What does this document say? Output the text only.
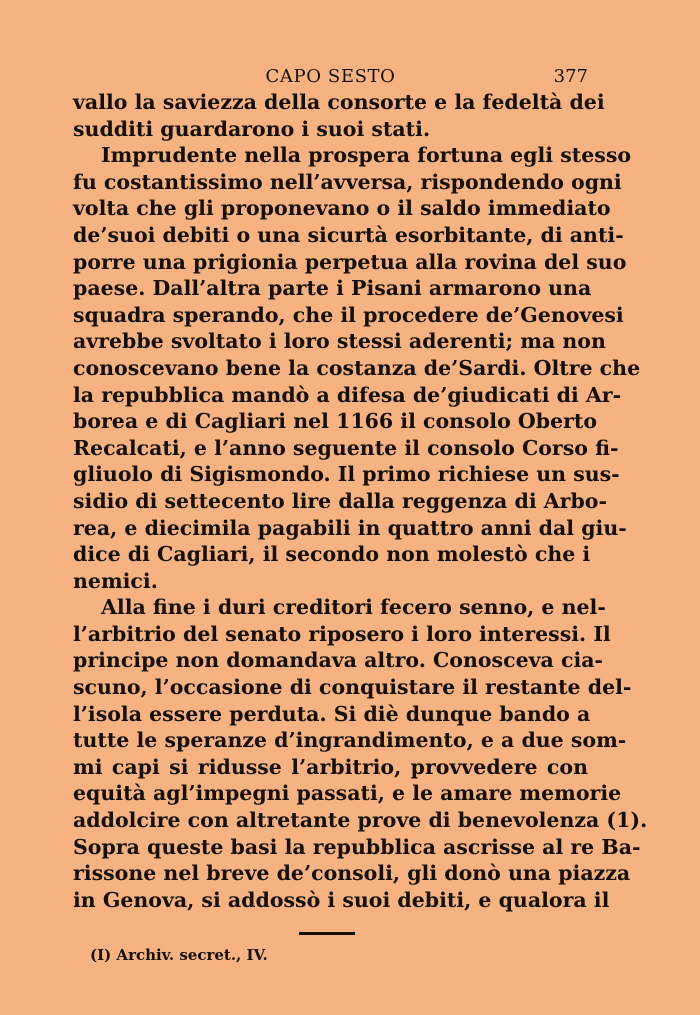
CAPO SESTO	377
vallo la saviezza della consorte e la fedeltà dei
sudditi guardarono i suoi stati.
Imprudente nella prospera fortuna egli stesso
fu costantissimo nell’avversa, rispondendo ogni
volta che gli proponevano o il saldo immediato
de’suoi debiti o una sicurtà esorbitante, di anti-
porre una prigionia perpetua alla rovina del suo
paese. Dall’altra parte i Pisani armarono una
squadra sperando, che il procedere de’Genovesi
avrebbe svoltato i loro stessi aderenti; ma non
conoscevano bene la costanza de’Sardi. Oltre che
la repubblica mandò a difesa de’giudicati di Ar-
borea e di Cagliari nel 1166 il consolo Oberto
Recalcati, e l’anno seguente il consolo Corso fi-
gliuolo di Sigismondo. Il primo richiese un sus-
sidio di settecento lire dalla reggenza di Arbo-
rea, e diecimila pagabili in quattro anni dal giu-
dice di Cagliari, il secondo non molestò che i
nemici.
Alla fine i duri creditori fecero senno, e nel-
l’arbitrio del senato riposero i loro interessi. Il
principe non domandava altro. Conosceva cia-
scuno, l’occasione di conquistare il restante del-
l’isola essere perduta. Si diè dunque bando a
tutte le speranze d’ingrandimento, e a due som-
mi capi si ridusse l’arbitrio, provvedere con
equità agl’impegni passati, e le amare memorie
addolcire con altretante prove di benevolenza (1).
Sopra queste basi la repubblica ascrisse al re Ba-
rissone nel breve de’consoli, gli donò una piazza
in Genova, si addossò i suoi debiti, e qualora il
(I) Archiv. secret., IV.
